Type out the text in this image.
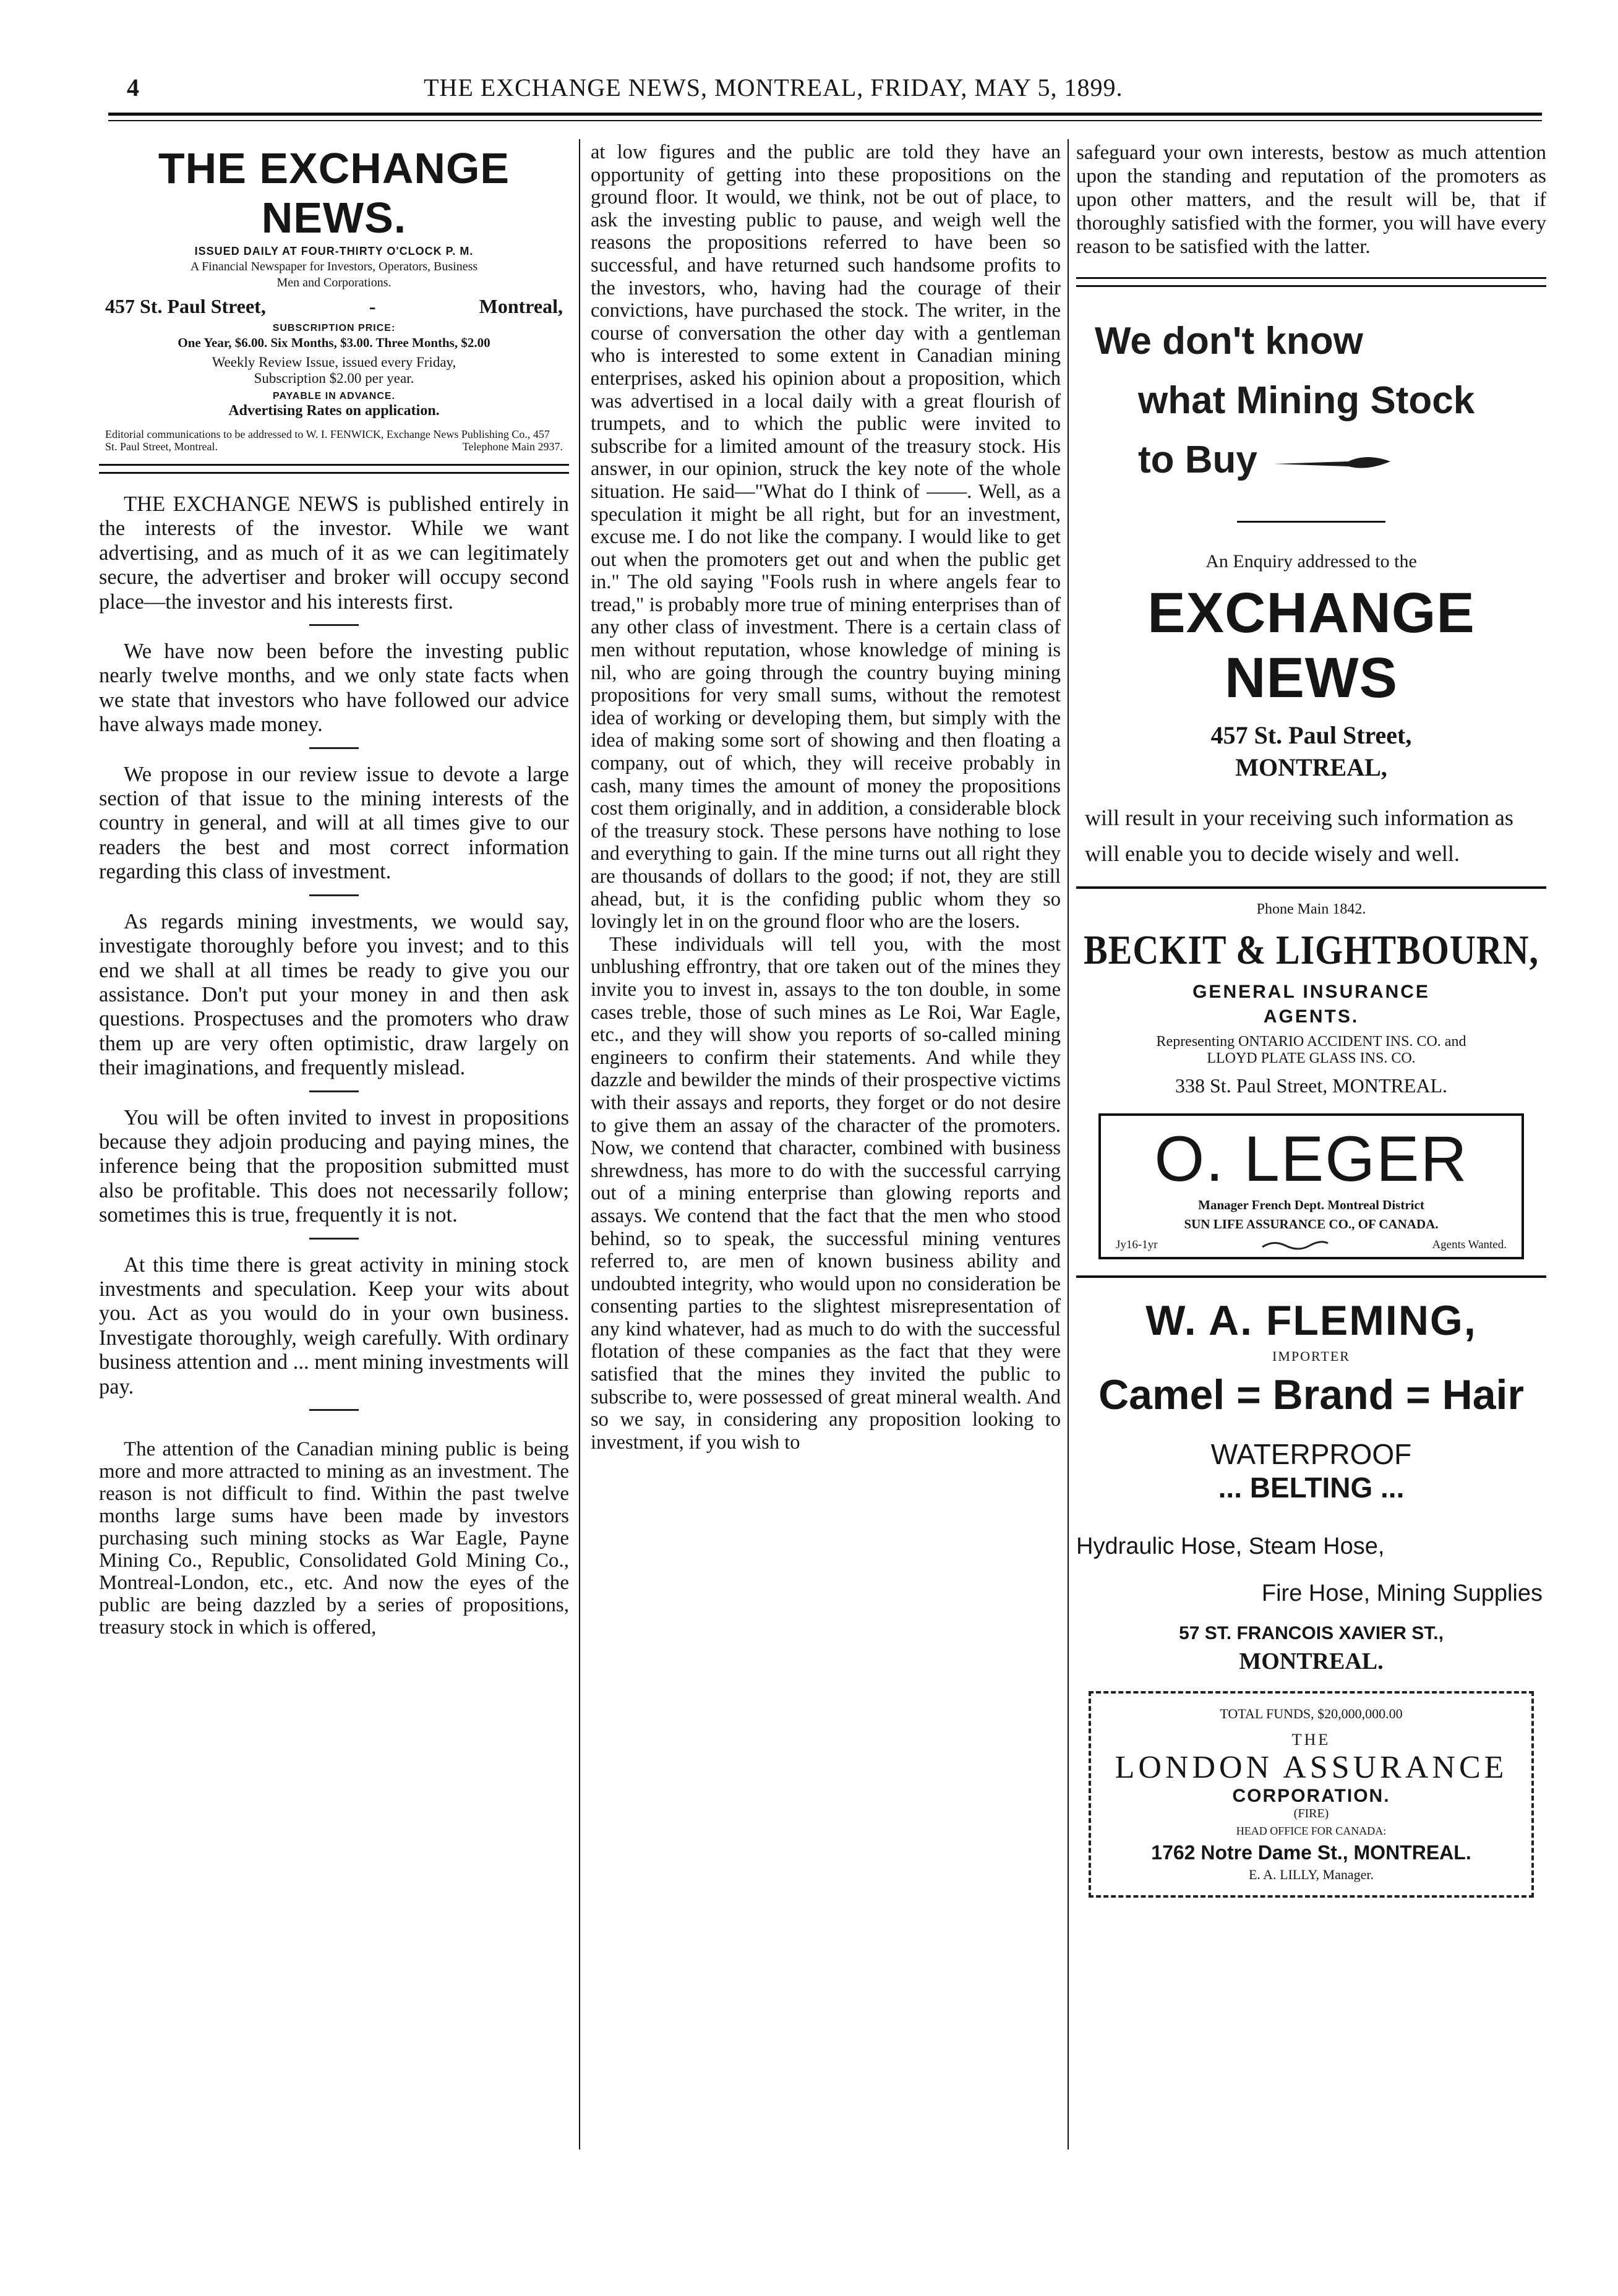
4	THE EXCHANGE NEWS, MONTREAL, FRIDAY, MAY 5, 1899.
THE EXCHANGE NEWS.
ISSUED DAILY AT FOUR-THIRTY O'CLOCK P. M.
A Financial Newspaper for Investors, Operators, Business
Men and Corporations.
457 St. Paul Street,	-	Montreal,
SUBSCRIPTION PRICE:
One Year, $6.00. Six Months, $3.00. Three Months, $2.00
Weekly Review Issue, issued every Friday,
Subscription $2.00 per year.
PAYABLE IN ADVANCE.
Advertising Rates on application.
Editorial communications to be addressed to W. I. FENWICK, Exchange News Publishing Co., 457 St. Paul Street, Montreal.	Telephone Main 2937.

THE EXCHANGE NEWS is published entirely in the interests of the investor. While we want advertising, and as much of it as we can legitimately secure, the advertiser and broker will occupy second place—the investor and his interests first.

We have now been before the investing public nearly twelve months, and we only state facts when we state that investors who have followed our advice have always made money.

We propose in our review issue to devote a large section of that issue to the mining interests of the country in general, and will at all times give to our readers the best and most correct information regarding this class of investment.

As regards mining investments, we would say, investigate thoroughly before you invest; and to this end we shall at all times be ready to give you our assistance. Don't put your money in and then ask questions. Prospectuses and the promoters who draw them up are very often optimistic, draw largely on their imaginations, and frequently mislead.

You will be often invited to invest in propositions because they adjoin producing and paying mines, the inference being that the proposition submitted must also be profitable. This does not necessarily follow; sometimes this is true, frequently it is not.

At this time there is great activity in mining stock investments and speculation. Keep your wits about you. Act as you would do in your own business. Investigate thoroughly, weigh carefully. With ordinary business attention and ... ment mining investments will pay.

The attention of the Canadian mining public is being more and more attracted to mining as an investment. The reason is not difficult to find. Within the past twelve months large sums have been made by investors purchasing such mining stocks as War Eagle, Payne Mining Co., Republic, Consolidated Gold Mining Co., Montreal-London, etc., etc. And now the eyes of the public are being dazzled by a series of propositions, treasury stock in which is offered,

at low figures and the public are told they have an opportunity of getting into these propositions on the ground floor. It would, we think, not be out of place, to ask the investing public to pause, and weigh well the reasons the propositions referred to have been so successful, and have returned such handsome profits to the investors, who, having had the courage of their convictions, have purchased the stock. The writer, in the course of conversation the other day with a gentleman who is interested to some extent in Canadian mining enterprises, asked his opinion about a proposition, which was advertised in a local daily with a great flourish of trumpets, and to which the public were invited to subscribe for a limited amount of the treasury stock. His answer, in our opinion, struck the key note of the whole situation. He said—"What do I think of ——. Well, as a speculation it might be all right, but for an investment, excuse me. I do not like the company. I would like to get out when the promoters get out and when the public get in." The old saying "Fools rush in where angels fear to tread," is probably more true of mining enterprises than of any other class of investment. There is a certain class of men without reputation, whose knowledge of mining is nil, who are going through the country buying mining propositions for very small sums, without the remotest idea of working or developing them, but simply with the idea of making some sort of showing and then floating a company, out of which, they will receive probably in cash, many times the amount of money the propositions cost them originally, and in addition, a considerable block of the treasury stock. These persons have nothing to lose and everything to gain. If the mine turns out all right they are thousands of dollars to the good; if not, they are still ahead, but, it is the confiding public whom they so lovingly let in on the ground floor who are the losers.

These individuals will tell you, with the most unblushing effrontry, that ore taken out of the mines they invite you to invest in, assays to the ton double, in some cases treble, those of such mines as Le Roi, War Eagle, etc., and they will show you reports of so-called mining engineers to confirm their statements. And while they dazzle and bewilder the minds of their prospective victims with their assays and reports, they forget or do not desire to give them an assay of the character of the promoters. Now, we contend that character, combined with business shrewdness, has more to do with the successful carrying out of a mining enterprise than glowing reports and assays. We contend that the fact that the men who stood behind, so to speak, the successful mining ventures referred to, are men of known business ability and undoubted integrity, who would upon no consideration be consenting parties to the slightest misrepresentation of any kind whatever, had as much to do with the successful flotation of these companies as the fact that they were satisfied that the mines they invited the public to subscribe to, were possessed of great mineral wealth. And so we say, in considering any proposition looking to investment, if you wish to

safeguard your own interests, bestow as much attention upon the standing and reputation of the promoters as upon other matters, and the result will be, that if thoroughly satisfied with the former, you will have every reason to be satisfied with the latter.

We don't know
what Mining Stock
to Buy
An Enquiry addressed to the
EXCHANGE NEWS
457 St. Paul Street,
MONTREAL,
will result in your receiving such information as will enable you to decide wisely and well.
Phone Main 1842.
BECKIT & LIGHTBOURN,
GENERAL INSURANCE
AGENTS.
Representing ONTARIO ACCIDENT INS. CO. and
LLOYD PLATE GLASS INS. CO.
338 St. Paul Street, MONTREAL.
O. LEGER
Manager French Dept. Montreal District
SUN LIFE ASSURANCE CO., OF CANADA.
Jy16-1yr	Agents Wanted.
W. A. FLEMING,
IMPORTER
Camel = Brand = Hair
WATERPROOF
... BELTING ...
Hydraulic Hose, Steam Hose,
Fire Hose, Mining Supplies
57 ST. FRANCOIS XAVIER ST.,
MONTREAL.
TOTAL FUNDS, $20,000,000.00
THE
LONDON ASSURANCE
CORPORATION.
(FIRE)
HEAD OFFICE FOR CANADA:
1762 Notre Dame St., MONTREAL.
E. A. LILLY, Manager.
